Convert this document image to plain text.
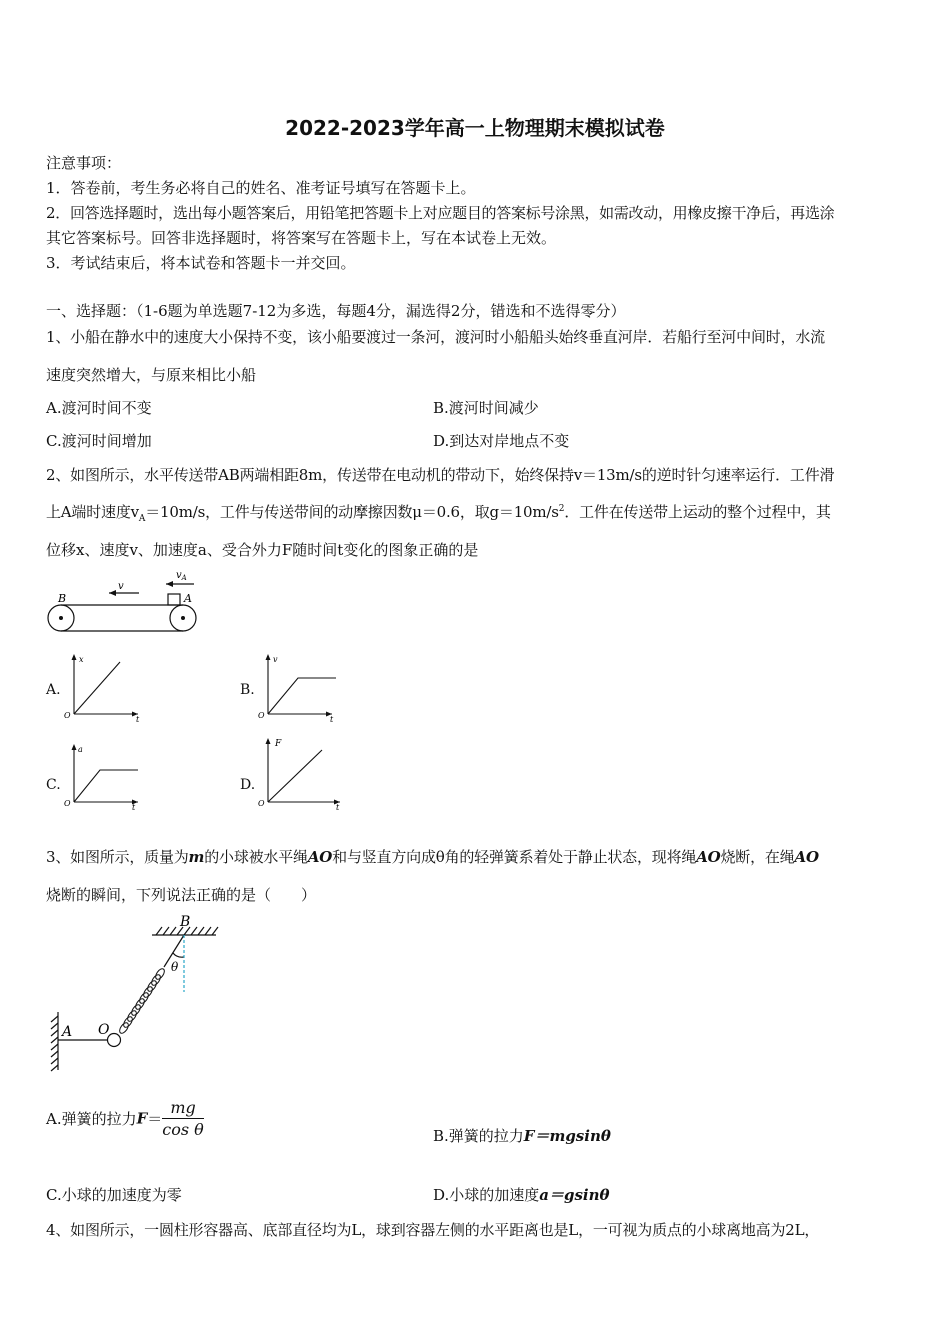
2022-2023学年高一上物理期末模拟试卷
注意事项：
1．答卷前，考生务必将自己的姓名、准考证号填写在答题卡上。
2．回答选择题时，选出每小题答案后，用铅笔把答题卡上对应题目的答案标号涂黑，如需改动，用橡皮擦干净后，再选涂
其它答案标号。回答非选择题时，将答案写在答题卡上，写在本试卷上无效。
3．考试结束后，将本试卷和答题卡一并交回。
一、选择题：（1-6题为单选题7-12为多选，每题4分，漏选得2分，错选和不选得零分）
1、小船在静水中的速度大小保持不变，该小船要渡过一条河，渡河时小船船头始终垂直河岸．若船行至河中间时，水流
速度突然增大，与原来相比小船
A.渡河时间不变	B.渡河时间减少
C.渡河时间增加	D.到达对岸地点不变
2、如图所示，水平传送带AB两端相距8m，传送带在电动机的带动下，始终保持v＝13m/s的逆时针匀速率运行．工件滑
上A端时速度$v_A=10m/s$，工件与传送带间的动摩擦因数μ＝0.6，取$g=10m/s^2$．工件在传送带上运动的整个过程中，其
位移x、速度v、加速度a、受合外力F随时间t变化的图象正确的是
B	A
v
$v_A$
A.
x
t
O
B.
v
t
O
C.
a
t
O
D.
F
t
O
3、如图所示，质量为m的小球被水平绳AO和与竖直方向成θ角的轻弹簧系着处于静止状态，现将绳AO烧断，在绳AO
烧断的瞬间，下列说法正确的是（　　）
B
θ
A O
A.弹簧的拉力$F= \frac{mg}{\text{cos θ}}$	B.弹簧的拉力F＝mgsinθ
C.小球的加速度为零	D.小球的加速度a＝gsinθ
4、如图所示，一圆柱形容器高、底部直径均为L，球到容器左侧的水平距离也是L，一可视为质点的小球离地高为2L，
